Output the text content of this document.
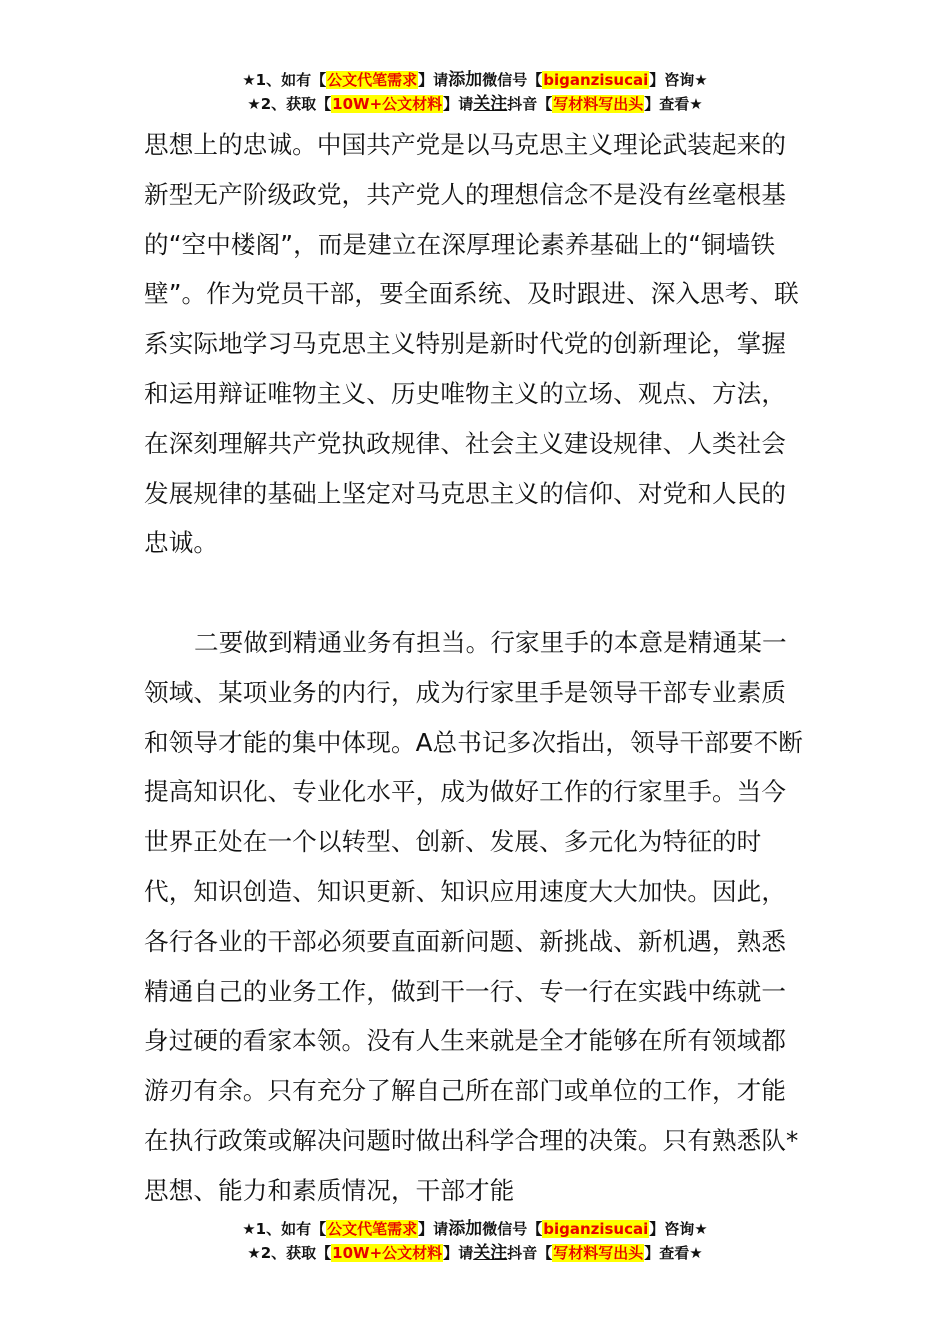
★1、如有【公文代笔需求】请添加微信号【biganzisucai】咨询★
★2、获取【10W+公文材料】请关注抖音【写材料写出头】查看★

思想上的忠诚。中国共产党是以马克思主义理论武装起来的新型无产阶级政党，共产党人的理想信念不是没有丝毫根基的“空中楼阁”，而是建立在深厚理论素养基础上的“铜墙铁壁”。作为党员干部，要全面系统、及时跟进、深入思考、联系实际地学习马克思主义特别是新时代党的创新理论，掌握和运用辩证唯物主义、历史唯物主义的立场、观点、方法，在深刻理解共产党执政规律、社会主义建设规律、人类社会发展规律的基础上坚定对马克思主义的信仰、对党和人民的忠诚。

二要做到精通业务有担当。行家里手的本意是精通某一领域、某项业务的内行，成为行家里手是领导干部专业素质和领导才能的集中体现。A总书记多次指出，领导干部要不断提高知识化、专业化水平，成为做好工作的行家里手。当今世界正处在一个以转型、创新、发展、多元化为特征的时代，知识创造、知识更新、知识应用速度大大加快。因此，各行各业的干部必须要直面新问题、新挑战、新机遇，熟悉精通自己的业务工作，做到干一行、专一行在实践中练就一身过硬的看家本领。没有人生来就是全才能够在所有领域都游刃有余。只有充分了解自己所在部门或单位的工作，才能在执行政策或解决问题时做出科学合理的决策。只有熟悉队*思想、能力和素质情况，干部才能

★1、如有【公文代笔需求】请添加微信号【biganzisucai】咨询★
★2、获取【10W+公文材料】请关注抖音【写材料写出头】查看★
